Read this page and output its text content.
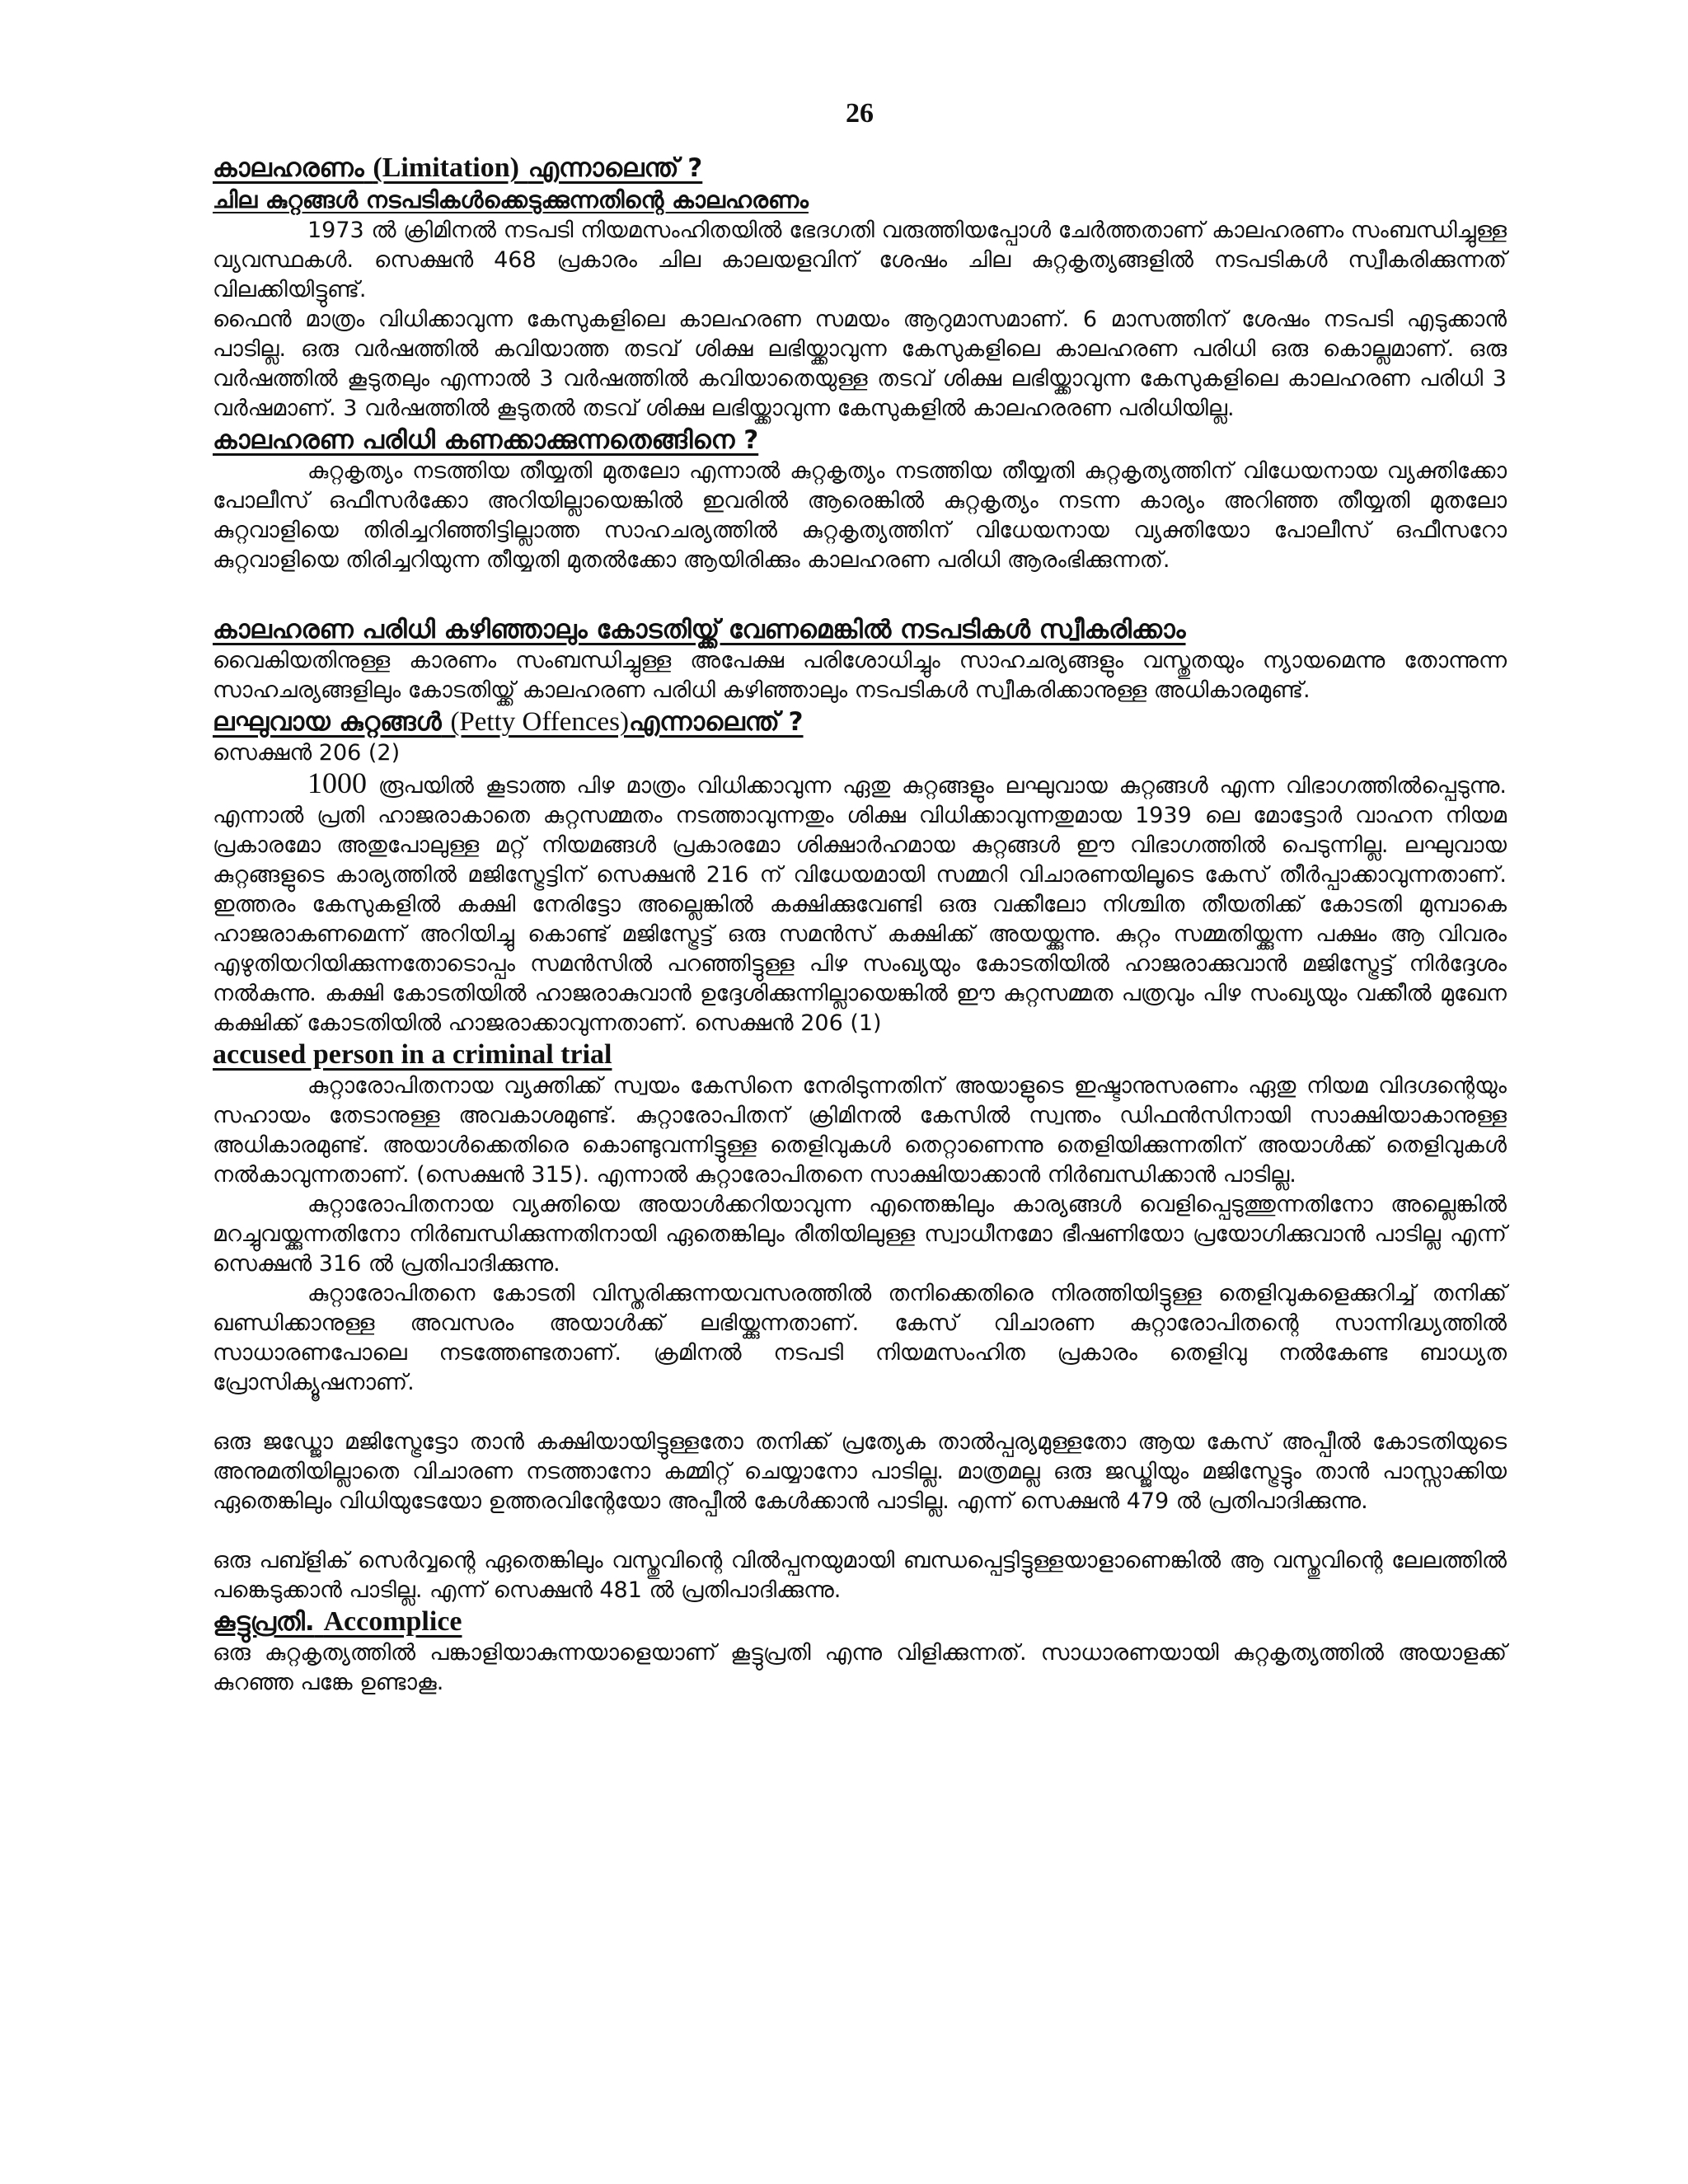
26
കാലഹരണം (Limitation) എന്നാലെന്ത് ?
ചില കുറ്റങ്ങൾ നടപടികൾക്കെടുക്കുന്നതിന്റെ കാലഹരണം

1973 ൽ ക്രിമിനൽ നടപടി നിയമസംഹിതയിൽ ഭേദഗതി വരുത്തിയപ്പോൾ ചേർത്തതാണ് കാലഹരണം സംബന്ധിച്ചുള്ള വ്യവസ്ഥകൾ. സെക്ഷൻ 468 പ്രകാരം ചില കാലയളവിന് ശേഷം ചില കുറ്റകൃത്യങ്ങളിൽ നടപടികൾ സ്വീകരിക്കുന്നത് വിലക്കിയിട്ടുണ്ട്.

ഫൈൻ മാത്രം വിധിക്കാവുന്ന കേസുകളിലെ കാലഹരണ സമയം ആറുമാസമാണ്. 6 മാസത്തിന് ശേഷം നടപടി എടുക്കാൻ പാടില്ല. ഒരു വർഷത്തിൽ കവിയാത്ത തടവ് ശിക്ഷ ലഭിയ്ക്കാവുന്ന കേസുകളിലെ കാലഹരണ പരിധി ഒരു കൊല്ലമാണ്. ഒരു വർഷത്തിൽ കൂടുതലും എന്നാൽ 3 വർഷത്തിൽ കവിയാതെയുള്ള തടവ് ശിക്ഷ ലഭിയ്ക്കാവുന്ന കേസുകളിലെ കാലഹരണ പരിധി 3 വർഷമാണ്. 3 വർഷത്തിൽ കൂടുതൽ തടവ് ശിക്ഷ ലഭിയ്ക്കാവുന്ന കേസുകളിൽ കാലഹരരണ പരിധിയില്ല.

കാലഹരണ പരിധി കണക്കാക്കുന്നതെങ്ങിനെ ?

കുറ്റകൃത്യം നടത്തിയ തീയ്യതി മുതലോ എന്നാൽ കുറ്റകൃത്യം നടത്തിയ തീയ്യതി കുറ്റകൃത്യത്തിന് വിധേയനായ വ്യക്തിക്കോ പോലീസ് ഒഫീസർക്കോ അറിയില്ലായെങ്കിൽ ഇവരിൽ ആരെങ്കിൽ കുറ്റകൃത്യം നടന്ന കാര്യം അറിഞ്ഞ തീയ്യതി മുതലോ കുറ്റവാളിയെ തിരിച്ചറിഞ്ഞിട്ടില്ലാത്ത സാഹചര്യത്തിൽ കുറ്റകൃത്യത്തിന് വിധേയനായ വ്യക്തിയോ പോലീസ് ഒഫീസറോ കുറ്റവാളിയെ തിരിച്ചറിയുന്ന തീയ്യതി മുതൽക്കോ ആയിരിക്കും കാലഹരണ പരിധി ആരംഭിക്കുന്നത്.

കാലഹരണ പരിധി കഴിഞ്ഞാലും കോടതിയ്ക്ക് വേണമെങ്കിൽ നടപടികൾ സ്വീകരിക്കാം

വൈകിയതിനുള്ള കാരണം സംബന്ധിച്ചുള്ള അപേക്ഷ പരിശോധിച്ചും സാഹചര്യങ്ങളും വസ്തുതയും ന്യായമെന്നു തോന്നുന്ന സാഹചര്യങ്ങളിലും കോടതിയ്ക്ക് കാലഹരണ പരിധി കഴിഞ്ഞാലും നടപടികൾ സ്വീകരിക്കാനുള്ള അധികാരമുണ്ട്.

ലഘുവായ കുറ്റങ്ങൾ (Petty Offences)എന്നാലെന്ത് ?

സെക്ഷൻ 206 (2)

1000 രൂപയിൽ കൂടാത്ത പിഴ മാത്രം വിധിക്കാവുന്ന ഏതു കുറ്റങ്ങളും ലഘുവായ കുറ്റങ്ങൾ എന്ന വിഭാഗത്തിൽപ്പെടുന്നു. എന്നാൽ പ്രതി ഹാജരാകാതെ കുറ്റസമ്മതം നടത്താവുന്നതും ശിക്ഷ വിധിക്കാവുന്നതുമായ 1939 ലെ മോട്ടോർ വാഹന നിയമ പ്രകാരമോ അതുപോലുള്ള മറ്റ് നിയമങ്ങൾ പ്രകാരമോ ശിക്ഷാർഹമായ കുറ്റങ്ങൾ ഈ വിഭാഗത്തിൽ പെടുന്നില്ല. ലഘുവായ കുറ്റങ്ങളുടെ കാര്യത്തിൽ മജിസ്ട്രേട്ടിന് സെക്ഷൻ 216 ന് വിധേയമായി സമ്മറി വിചാരണയിലൂടെ കേസ് തീർപ്പാക്കാവുന്നതാണ്. ഇത്തരം കേസുകളിൽ കക്ഷി നേരിട്ടോ അല്ലെങ്കിൽ കക്ഷിക്കുവേണ്ടി ഒരു വക്കീലോ നിശ്ചിത തീയതിക്ക് കോടതി മുമ്പാകെ ഹാജരാകണമെന്ന് അറിയിച്ചു കൊണ്ട് മജിസ്ട്രേട്ട് ഒരു സമൻസ് കക്ഷിക്ക് അയയ്ക്കുന്നു. കുറ്റം സമ്മതിയ്ക്കുന്ന പക്ഷം ആ വിവരം എഴുതിയറിയിക്കുന്നതോടൊപ്പം സമൻസിൽ പറഞ്ഞിട്ടുള്ള പിഴ സംഖ്യയും കോടതിയിൽ ഹാജരാക്കുവാൻ മജിസ്ട്രേട്ട് നിർദ്ദേശം നൽകുന്നു. കക്ഷി കോടതിയിൽ ഹാജരാകുവാൻ ഉദ്ദേശിക്കുന്നില്ലായെങ്കിൽ ഈ കുറ്റസമ്മത പത്രവും പിഴ സംഖ്യയും വക്കീൽ മുഖേന കക്ഷിക്ക് കോടതിയിൽ ഹാജരാക്കാവുന്നതാണ്. സെക്ഷൻ 206 (1)

accused person in a criminal trial

കുറ്റാരോപിതനായ വ്യക്തിക്ക് സ്വയം കേസിനെ നേരിടുന്നതിന് അയാളുടെ ഇഷ്ടാനുസരണം ഏതു നിയമ വിദഗ്ദന്റെയും സഹായം തേടാനുള്ള അവകാശമുണ്ട്. കുറ്റാരോപിതന് ക്രിമിനൽ കേസിൽ സ്വന്തം ഡിഫൻസിനായി സാക്ഷിയാകാനുള്ള അധികാരമുണ്ട്. അയാൾക്കെതിരെ കൊണ്ടുവന്നിട്ടുള്ള തെളിവുകൾ തെറ്റാണെന്നു തെളിയിക്കുന്നതിന് അയാൾക്ക് തെളിവുകൾ നൽകാവുന്നതാണ്. (സെക്ഷൻ 315). എന്നാൽ കുറ്റാരോപിതനെ സാക്ഷിയാക്കാൻ നിർബന്ധിക്കാൻ പാടില്ല.

കുറ്റാരോപിതനായ വ്യക്തിയെ അയാൾക്കറിയാവുന്ന എന്തെങ്കിലും കാര്യങ്ങൾ വെളിപ്പെടുത്തുന്നതിനോ അല്ലെങ്കിൽ മറച്ചുവയ്ക്കുന്നതിനോ നിർബന്ധിക്കുന്നതിനായി ഏതെങ്കിലും രീതിയിലുള്ള സ്വാധീനമോ ഭീഷണിയോ പ്രയോഗിക്കുവാൻ പാടില്ല എന്ന് സെക്ഷൻ 316 ൽ പ്രതിപാദിക്കുന്നു.

കുറ്റാരോപിതനെ കോടതി വിസ്തരിക്കുന്നയവസരത്തിൽ തനിക്കെതിരെ നിരത്തിയിട്ടുള്ള തെളിവുകളെക്കുറിച്ച് തനിക്ക് ഖണ്ഡിക്കാനുള്ള അവസരം അയാൾക്ക് ലഭിയ്ക്കുന്നതാണ്. കേസ് വിചാരണ കുറ്റാരോപിതന്റെ സാന്നിദ്ധ്യത്തിൽ സാധാരണപോലെ നടത്തേണ്ടതാണ്. ക്രമിനൽ നടപടി നിയമസംഹിത പ്രകാരം തെളിവു നൽകേണ്ട ബാധ്യത പ്രോസിക്യൂഷനാണ്.

ഒരു ജഡ്ജോ മജിസ്ട്രേട്ടോ താൻ കക്ഷിയായിട്ടുള്ളതോ തനിക്ക് പ്രത്യേക താൽപ്പര്യമുള്ളതോ ആയ കേസ് അപ്പീൽ കോടതിയുടെ അനുമതിയില്ലാതെ വിചാരണ നടത്താനോ കമ്മിറ്റ് ചെയ്യാനോ പാടില്ല. മാത്രമല്ല ഒരു ജഡ്ജിയും മജിസ്ട്രേട്ടും താൻ പാസ്സാക്കിയ ഏതെങ്കിലും വിധിയുടേയോ ഉത്തരവിന്റേയോ അപ്പീൽ കേൾക്കാൻ പാടില്ല. എന്ന് സെക്ഷൻ 479 ൽ പ്രതിപാദിക്കുന്നു.

ഒരു പബ്ളിക് സെർവ്വന്റെ ഏതെങ്കിലും വസ്തുവിന്റെ വിൽപ്പനയുമായി ബന്ധപ്പെട്ടിട്ടുള്ളയാളാണെങ്കിൽ ആ വസ്തുവിന്റെ ലേലത്തിൽ പങ്കെടുക്കാൻ പാടില്ല. എന്ന് സെക്ഷൻ 481 ൽ പ്രതിപാദിക്കുന്നു.

കൂട്ടുപ്രതി. Accomplice

ഒരു കുറ്റകൃത്യത്തിൽ പങ്കാളിയാകുന്നയാളെയാണ് കൂട്ടുപ്രതി എന്നു വിളിക്കുന്നത്. സാധാരണയായി കുറ്റകൃത്യത്തിൽ അയാളക്ക് കുറഞ്ഞ പങ്കേ ഉണ്ടാകൂ.
